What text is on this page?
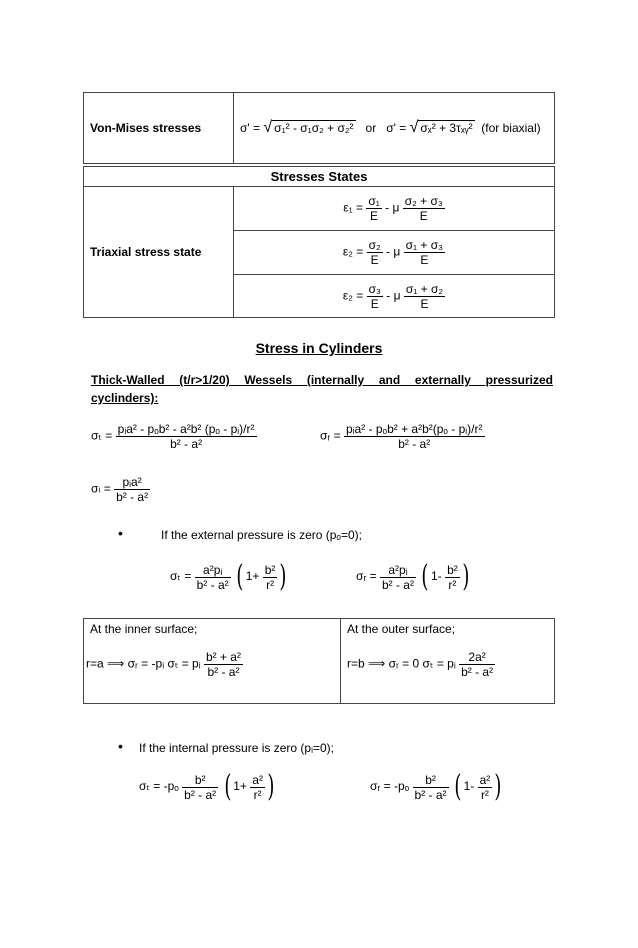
Von-Mises stresses	σ' = √ σ₁² - σ₁σ₂ + σ₂² or σ' = √ σₓ² + 3τₓᵧ² (for biaxial)
Stresses States
Triaxial stress state	$\varepsilon_1 = \frac{\text{σ₁}}{E} - \mu \frac{\text{σ₂ + σ₃}}{E}$

$\varepsilon_2 = \frac{\text{σ₂}}{E} - \mu \frac{\text{σ₁ + σ₃}}{E}$

$\varepsilon_2 = \frac{\text{σ₃}}{E} - \mu \frac{\text{σ₁ + σ₂}}{E}$
Stress in Cylinders
Thick-Walled (t/r>1/20) Wessels (internally and externally pressurized
cyclinders):
$\sigma_t = \frac{\text{pᵢa² - pₒb² - a²b² (pₒ - pᵢ)/r²}}{\text{b² - a²}}$	σᵣ = $\frac{\text{pᵢa² - pₒb² + a²b²(pₒ - pᵢ)/r²}}{\text{b² - a²}}$
$\sigma_l = \frac{\text{pᵢa²}}{\text{b² - a²}}$
•	If the external pressure is zero (pₒ=0);
$\sigma_t = \frac{\text{a²pᵢ}}{\text{b² - a²}}$ ( $1+ \frac{\text{b²}}{\text{r²}}$ )	σᵣ = $\frac{\text{a²pᵢ}}{\text{b² - a²}}$ ( $1- \frac{\text{b²}}{\text{r²}}$ )
At the inner surface;
r=a ⟹ σᵣ = -pᵢ σₜ = pᵢ $\frac{\text{b² + a²}}{\text{b² - a²}}$

At the outer surface;
r=b ⟹ σᵣ = 0 σₜ = pᵢ $\frac{\text{2a²}}{\text{b² - a²}}$
• If the internal pressure is zero (pᵢ=0);
$\sigma_t = -p_o \frac{\text{b²}}{\text{b² - a²}}$ ( $1+ \frac{\text{a²}}{\text{r²}}$ )	σᵣ = $-p_o \frac{\text{b²}}{\text{b² - a²}}$ ( $1- \frac{\text{a²}}{\text{r²}}$ )
